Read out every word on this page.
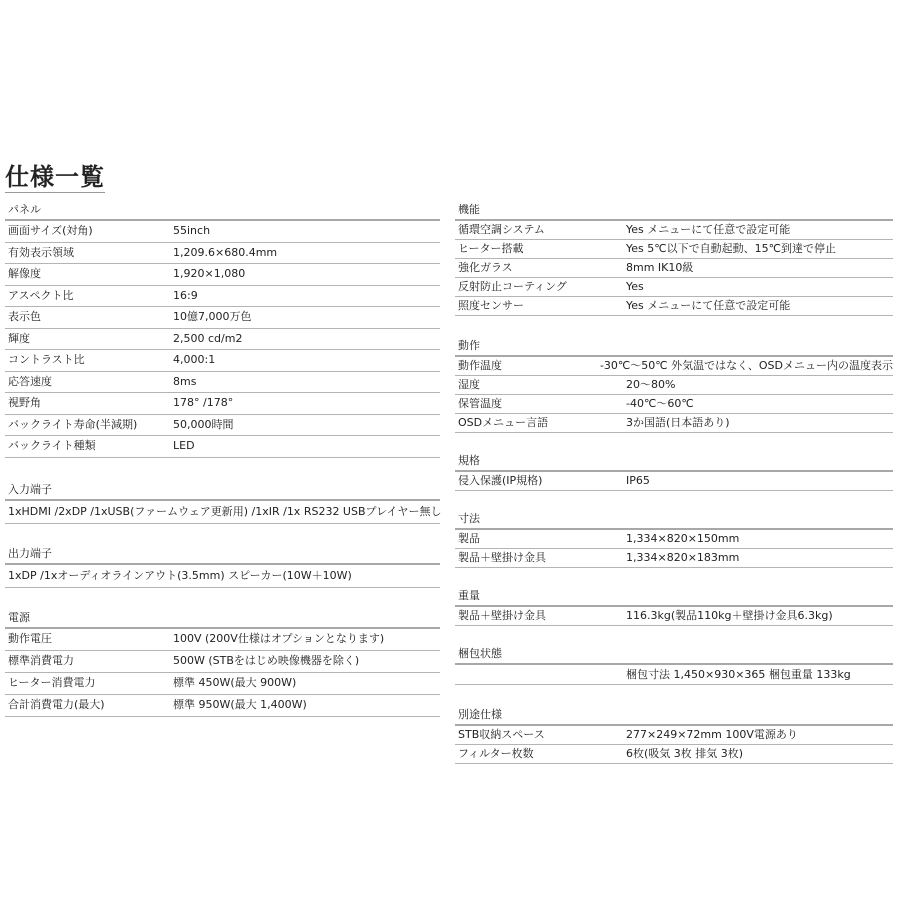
仕様一覧
パネル
画面サイズ(対角)	55inch
有効表示領域	1,209.6×680.4mm
解像度	1,920×1,080
アスペクト比	16:9
表示色	10億7,000万色
輝度	2,500 cd/m2
コントラスト比	4,000:1
応答速度	8ms
視野角	178° /178°
バックライト寿命(半減期)	50,000時間
バックライト種類	LED
入力端子
1xHDMI /2xDP /1xUSB(ファームウェア更新用) /1xIR /1x RS232 USBプレイヤー無し
出力端子
1xDP /1xオーディオラインアウト(3.5mm) スピーカー(10W＋10W)
電源
動作電圧	100V (200V仕様はオプションとなります)
標準消費電力	500W (STBをはじめ映像機器を除く)
ヒーター消費電力	標準 450W(最大 900W)
合計消費電力(最大)	標準 950W(最大 1,400W)
機能
循環空調システム	Yes メニューにて任意で設定可能
ヒーター搭載	Yes 5℃以下で自動起動、15℃到達で停止
強化ガラス	8mm IK10級
反射防止コーティング	Yes
照度センサー	Yes メニューにて任意で設定可能
動作
動作温度	-30℃～50℃ 外気温ではなく、OSDメニュー内の温度表示
湿度	20～80%
保管温度	-40℃～60℃
OSDメニュー言語	3か国語(日本語あり)
規格
侵入保護(IP規格)	IP65
寸法
製品	1,334×820×150mm
製品＋壁掛け金具	1,334×820×183mm
重量
製品＋壁掛け金具	116.3kg(製品110kg＋壁掛け金具6.3kg)
梱包状態
梱包寸法 1,450×930×365 梱包重量 133kg
別途仕様
STB収納スペース	277×249×72mm 100V電源あり
フィルター枚数	6枚(吸気 3枚 排気 3枚)
